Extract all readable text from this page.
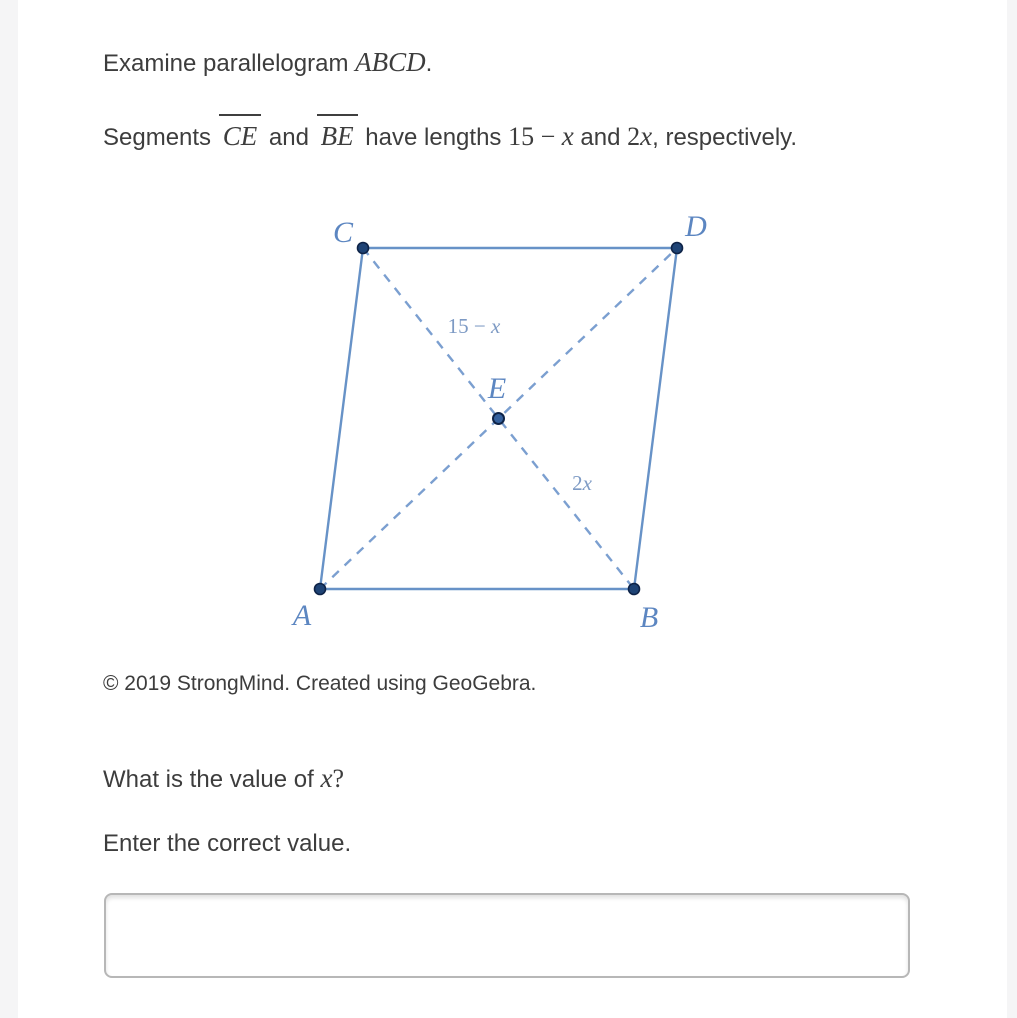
Examine parallelogram ABCD.
Segments CE and BE have lengths 15 − x and 2x, respectively.
C	D
A	B
E
15 − x
2x
© 2019 StrongMind. Created using GeoGebra.
What is the value of x?
Enter the correct value.
